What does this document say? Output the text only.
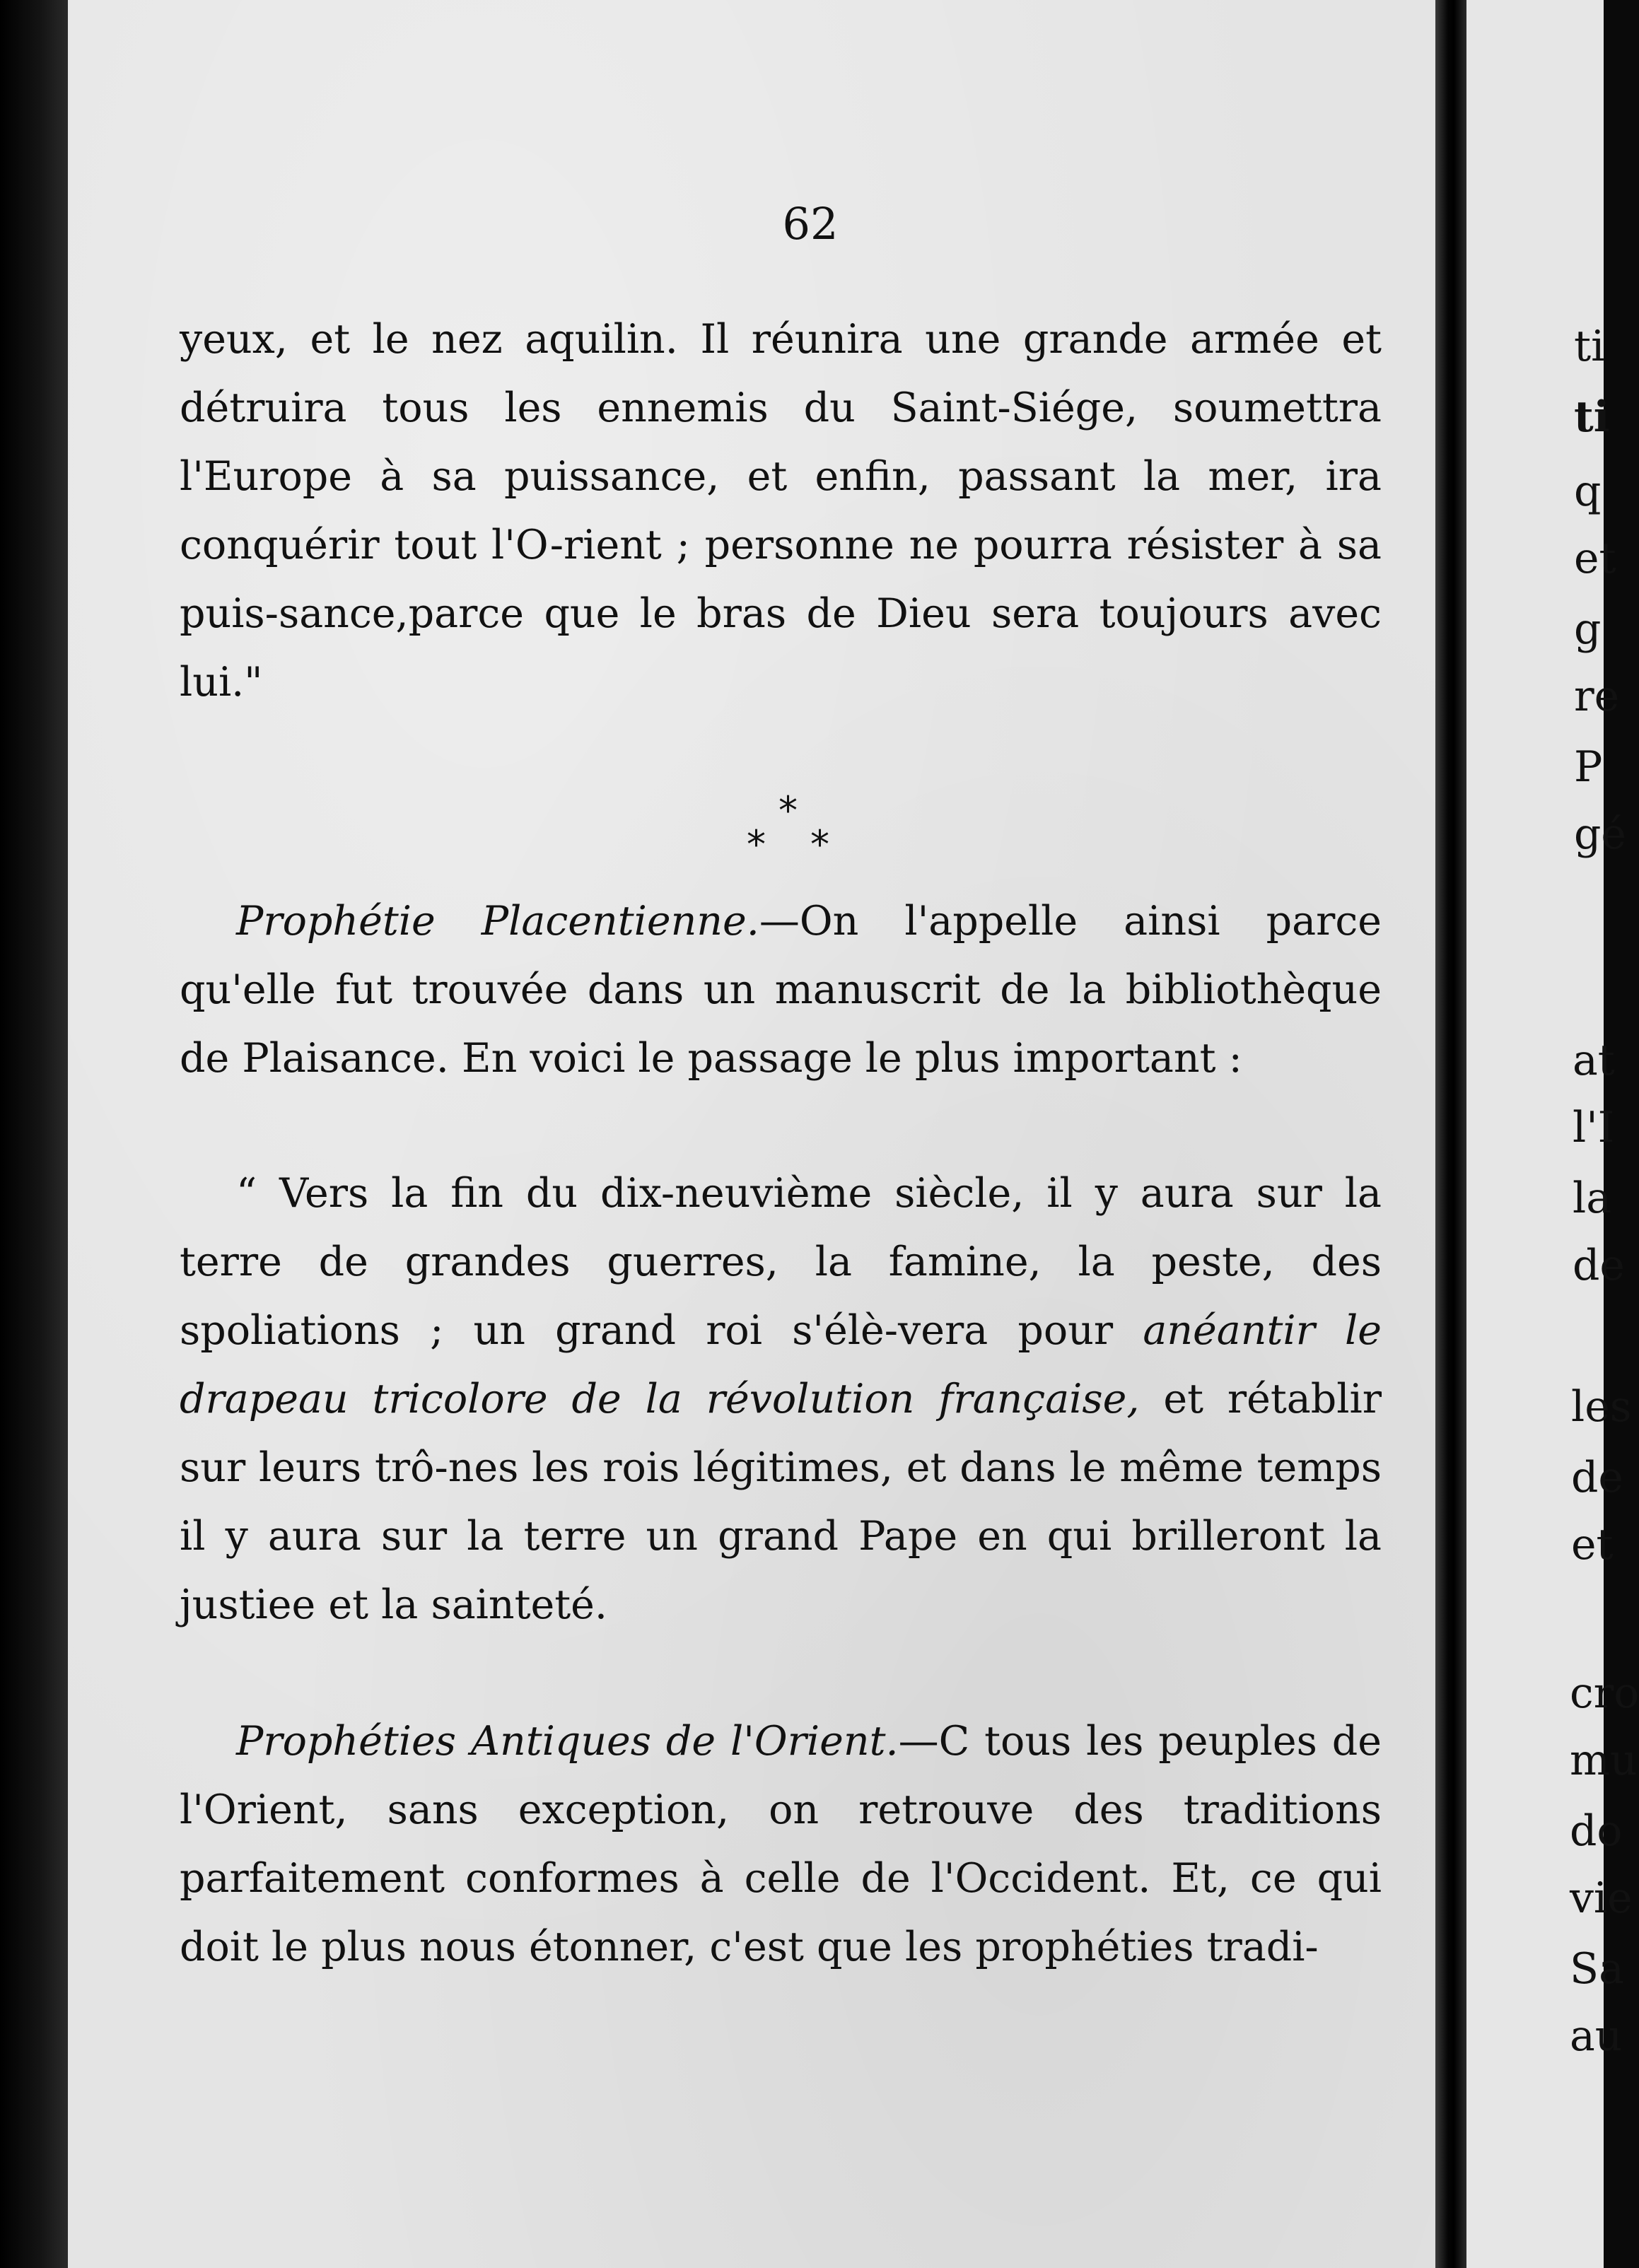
62

yeux, et le nez aquilin. Il réunira une grande armée et détruira tous les ennemis du Saint-Siége, soumettra l'Europe à sa puissance, et enfin, passant la mer, ira conquérir tout l'O-rient ; personne ne pourra résister à sa puis-sance,parce que le bras de Dieu sera toujours avec lui."

*
* *

Prophétie Placentienne.—On l'appelle ainsi parce qu'elle fut trouvée dans un manuscrit de la bibliothèque de Plaisance. En voici le passage le plus important :

“ Vers la fin du dix-neuvième siècle, il y aura sur la terre de grandes guerres, la famine, la peste, des spoliations ; un grand roi s'élè-vera pour anéantir le drapeau tricolore de la révolution française, et rétablir sur leurs trô-nes les rois légitimes, et dans le même temps il y aura sur la terre un grand Pape en qui brilleront la justiee et la sainteté.

Prophéties Antiques de l'Orient.—C tous les peuples de l'Orient, sans exception, on retrouve des traditions parfaitement conformes à celle de l'Occident. Et, ce qui doit le plus nous étonner, c'est que les prophéties tradi-

ti
ti
q
et
g
re
P
gé
at
l'I
la
de
les
de
et
cro
mu
do
vie
Sa
au
